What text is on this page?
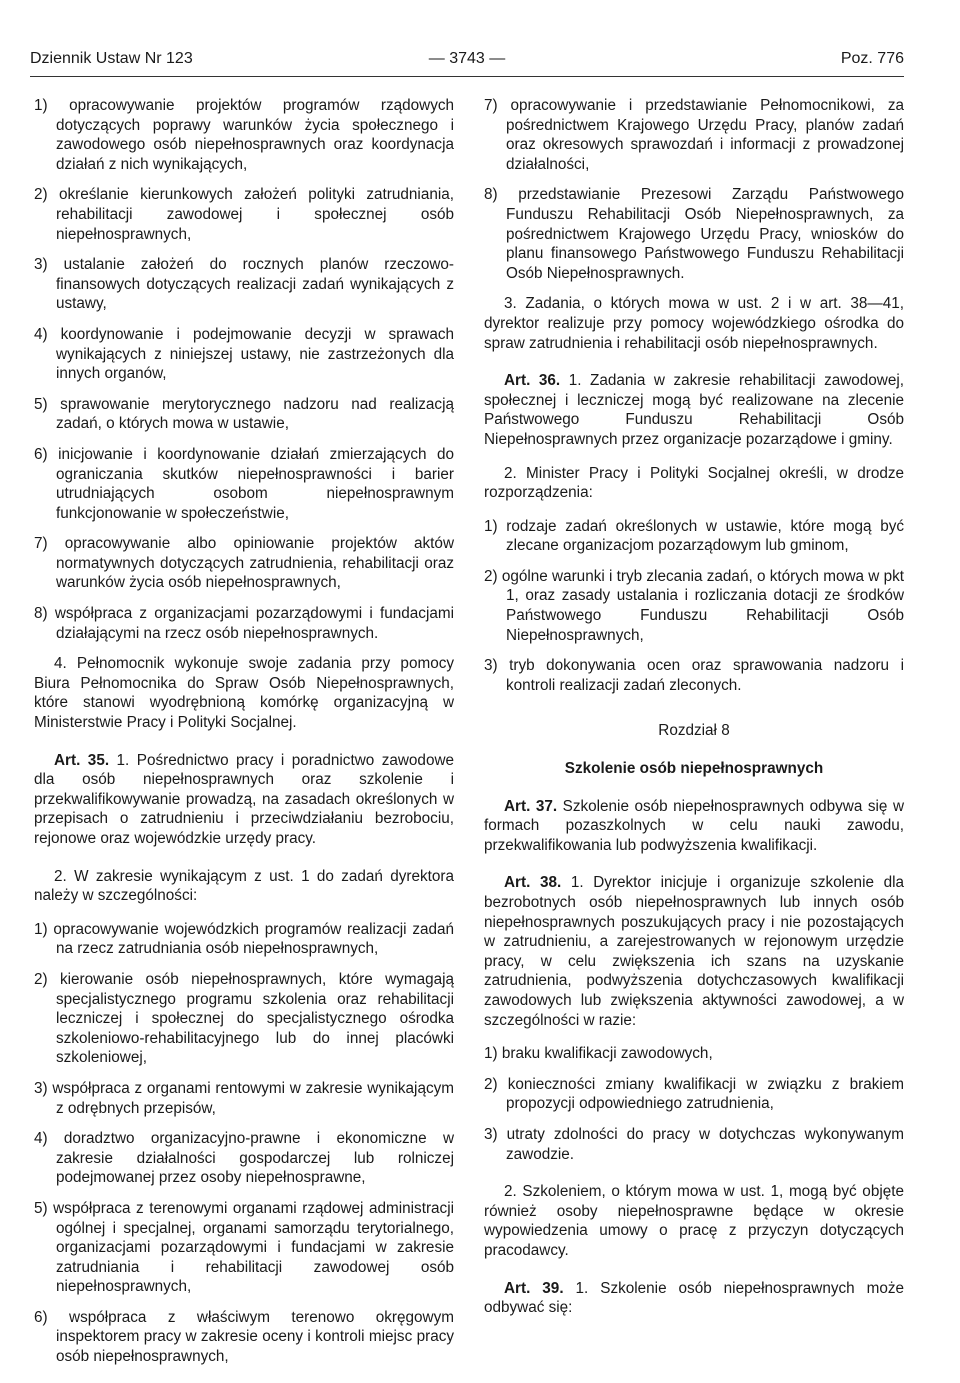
Dziennik Ustaw Nr 123	— 3743 —	Poz. 776

1) opracowywanie projektów programów rządowych dotyczących poprawy warunków życia społecznego i zawodowego osób niepełnosprawnych oraz koordynacja działań z nich wynikających,

2) określanie kierunkowych założeń polityki zatrudniania, rehabilitacji zawodowej i społecznej osób niepełnosprawnych,

3) ustalanie założeń do rocznych planów rzeczowo-finansowych dotyczących realizacji zadań wynikających z ustawy,

4) koordynowanie i podejmowanie decyzji w sprawach wynikających z niniejszej ustawy, nie zastrzeżonych dla innych organów,

5) sprawowanie merytorycznego nadzoru nad realizacją zadań, o których mowa w ustawie,

6) inicjowanie i koordynowanie działań zmierzających do ograniczania skutków niepełnosprawności i barier utrudniających osobom niepełnosprawnym funkcjonowanie w społeczeństwie,

7) opracowywanie albo opiniowanie projektów aktów normatywnych dotyczących zatrudnienia, rehabilitacji oraz warunków życia osób niepełnosprawnych,

8) współpraca z organizacjami pozarządowymi i fundacjami działającymi na rzecz osób niepełnosprawnych.

4. Pełnomocnik wykonuje swoje zadania przy pomocy Biura Pełnomocnika do Spraw Osób Niepełnosprawnych, które stanowi wyodrębnioną komórkę organizacyjną w Ministerstwie Pracy i Polityki Socjalnej.

Art. 35. 1. Pośrednictwo pracy i poradnictwo zawodowe dla osób niepełnosprawnych oraz szkolenie i przekwalifikowywanie prowadzą, na zasadach określonych w przepisach o zatrudnieniu i przeciwdziałaniu bezrobociu, rejonowe oraz wojewódzkie urzędy pracy.

2. W zakresie wynikającym z ust. 1 do zadań dyrektora należy w szczególności:

1) opracowywanie wojewódzkich programów realizacji zadań na rzecz zatrudniania osób niepełnosprawnych,

2) kierowanie osób niepełnosprawnych, które wymagają specjalistycznego programu szkolenia oraz rehabilitacji leczniczej i społecznej do specjalistycznego ośrodka szkoleniowo-rehabilitacyjnego lub do innej placówki szkoleniowej,

3) współpraca z organami rentowymi w zakresie wynikającym z odrębnych przepisów,

4) doradztwo organizacyjno-prawne i ekonomiczne w zakresie działalności gospodarczej lub rolniczej podejmowanej przez osoby niepełnosprawne,

5) współpraca z terenowymi organami rządowej administracji ogólnej i specjalnej, organami samorządu terytorialnego, organizacjami pozarządowymi i fundacjami w zakresie zatrudniania i rehabilitacji zawodowej osób niepełnosprawnych,

6) współpraca z właściwym terenowo okręgowym inspektorem pracy w zakresie oceny i kontroli miejsc pracy osób niepełnosprawnych,

7) opracowywanie i przedstawianie Pełnomocnikowi, za pośrednictwem Krajowego Urzędu Pracy, planów zadań oraz okresowych sprawozdań i informacji z prowadzonej działalności,

8) przedstawianie Prezesowi Zarządu Państwowego Funduszu Rehabilitacji Osób Niepełnosprawnych, za pośrednictwem Krajowego Urzędu Pracy, wniosków do planu finansowego Państwowego Funduszu Rehabilitacji Osób Niepełnosprawnych.

3. Zadania, o których mowa w ust. 2 i w art. 38—41, dyrektor realizuje przy pomocy wojewódzkiego ośrodka do spraw zatrudnienia i rehabilitacji osób niepełnosprawnych.

Art. 36. 1. Zadania w zakresie rehabilitacji zawodowej, społecznej i leczniczej mogą być realizowane na zlecenie Państwowego Funduszu Rehabilitacji Osób Niepełnosprawnych przez organizacje pozarządowe i gminy.

2. Minister Pracy i Polityki Socjalnej określi, w drodze rozporządzenia:

1) rodzaje zadań określonych w ustawie, które mogą być zlecane organizacjom pozarządowym lub gminom,

2) ogólne warunki i tryb zlecania zadań, o których mowa w pkt 1, oraz zasady ustalania i rozliczania dotacji ze środków Państwowego Funduszu Rehabilitacji Osób Niepełnosprawnych,

3) tryb dokonywania ocen oraz sprawowania nadzoru i kontroli realizacji zadań zleconych.

Rozdział 8

Szkolenie osób niepełnosprawnych

Art. 37. Szkolenie osób niepełnosprawnych odbywa się w formach pozaszkolnych w celu nauki zawodu, przekwalifikowania lub podwyższenia kwalifikacji.

Art. 38. 1. Dyrektor inicjuje i organizuje szkolenie dla bezrobotnych osób niepełnosprawnych lub innych osób niepełnosprawnych poszukujących pracy i nie pozostających w zatrudnieniu, a zarejestrowanych w rejonowym urzędzie pracy, w celu zwiększenia ich szans na uzyskanie zatrudnienia, podwyższenia dotychczasowych kwalifikacji zawodowych lub zwiększenia aktywności zawodowej, a w szczególności w razie:

1) braku kwalifikacji zawodowych,

2) konieczności zmiany kwalifikacji w związku z brakiem propozycji odpowiedniego zatrudnienia,

3) utraty zdolności do pracy w dotychczas wykonywanym zawodzie.

2. Szkoleniem, o którym mowa w ust. 1, mogą być objęte również osoby niepełnosprawne będące w okresie wypowiedzenia umowy o pracę z przyczyn dotyczących pracodawcy.

Art. 39. 1. Szkolenie osób niepełnosprawnych może odbywać się:
